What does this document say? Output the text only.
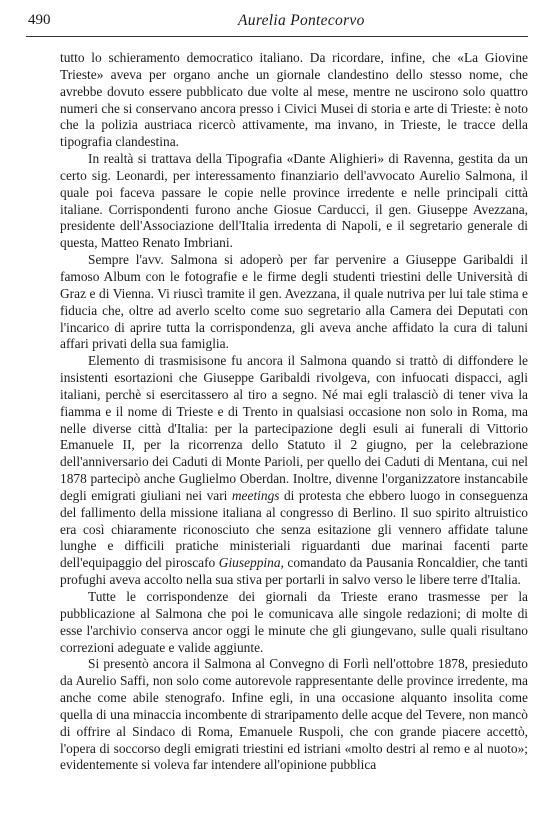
490	Aurelia Pontecorvo

tutto lo schieramento democratico italiano. Da ricordare, infine, che «La Giovine Trieste» aveva per organo anche un giornale clandestino dello stesso nome, che avrebbe dovuto essere pubblicato due volte al mese, mentre ne uscirono solo quattro numeri che si conservano ancora presso i Civici Musei di storia e arte di Trieste: è noto che la polizia austriaca ricercò attivamente, ma invano, in Trieste, le tracce della tipografia clandestina.

In realtà si trattava della Tipografia «Dante Alighieri» di Ravenna, gestita da un certo sig. Leonardi, per interessamento finanziario dell'avvocato Aurelio Salmona, il quale poi faceva passare le copie nelle province irredente e nelle principali città italiane. Corrispondenti furono anche Giosue Carducci, il gen. Giuseppe Avezzana, presidente dell'Associazione dell'Italia irredenta di Napoli, e il segretario generale di questa, Matteo Renato Imbriani.

Sempre l'avv. Salmona si adoperò per far pervenire a Giuseppe Garibaldi il famoso Album con le fotografie e le firme degli studenti triestini delle Università di Graz e di Vienna. Vi riuscì tramite il gen. Avezzana, il quale nutriva per lui tale stima e fiducia che, oltre ad averlo scelto come suo segretario alla Camera dei Deputati con l'incarico di aprire tutta la corrispondenza, gli aveva anche affidato la cura di taluni affari privati della sua famiglia.

Elemento di trasmisisone fu ancora il Salmona quando si trattò di diffondere le insistenti esortazioni che Giuseppe Garibaldi rivolgeva, con infuocati dispacci, agli italiani, perchè si esercitassero al tiro a segno. Né mai egli tralasciò di tener viva la fiamma e il nome di Trieste e di Trento in qualsiasi occasione non solo in Roma, ma nelle diverse città d'Italia: per la partecipazione degli esuli ai funerali di Vittorio Emanuele II, per la ricorrenza dello Statuto il 2 giugno, per la celebrazione dell'anniversario dei Caduti di Monte Parioli, per quello dei Caduti di Mentana, cui nel 1878 partecipò anche Guglielmo Oberdan. Inoltre, divenne l'organizzatore instancabile degli emigrati giuliani nei vari meetings di protesta che ebbero luogo in conseguenza del fallimento della missione italiana al congresso di Berlino. Il suo spirito altruistico era così chiaramente riconosciuto che senza esitazione gli vennero affidate talune lunghe e difficili pratiche ministeriali riguardanti due marinai facenti parte dell'equipaggio del piroscafo Giuseppina, comandato da Pausania Roncaldier, che tanti profughi aveva accolto nella sua stiva per portarli in salvo verso le libere terre d'Italia.

Tutte le corrispondenze dei giornali da Trieste erano trasmesse per la pubblicazione al Salmona che poi le comunicava alle singole redazioni; di molte di esse l'archivio conserva ancor oggi le minute che gli giungevano, sulle quali risultano correzioni adeguate e valide aggiunte.

Si presentò ancora il Salmona al Convegno di Forlì nell'ottobre 1878, presieduto da Aurelio Saffi, non solo come autorevole rappresentante delle province irredente, ma anche come abile stenografo. Infine egli, in una occasione alquanto insolita come quella di una minaccia incombente di straripamento delle acque del Tevere, non mancò di offrire al Sindaco di Roma, Emanuele Ruspoli, che con grande piacere accettò, l'opera di soccorso degli emigrati triestini ed istriani «molto destri al remo e al nuoto»; evidentemente si voleva far intendere all'opinione pubblica
